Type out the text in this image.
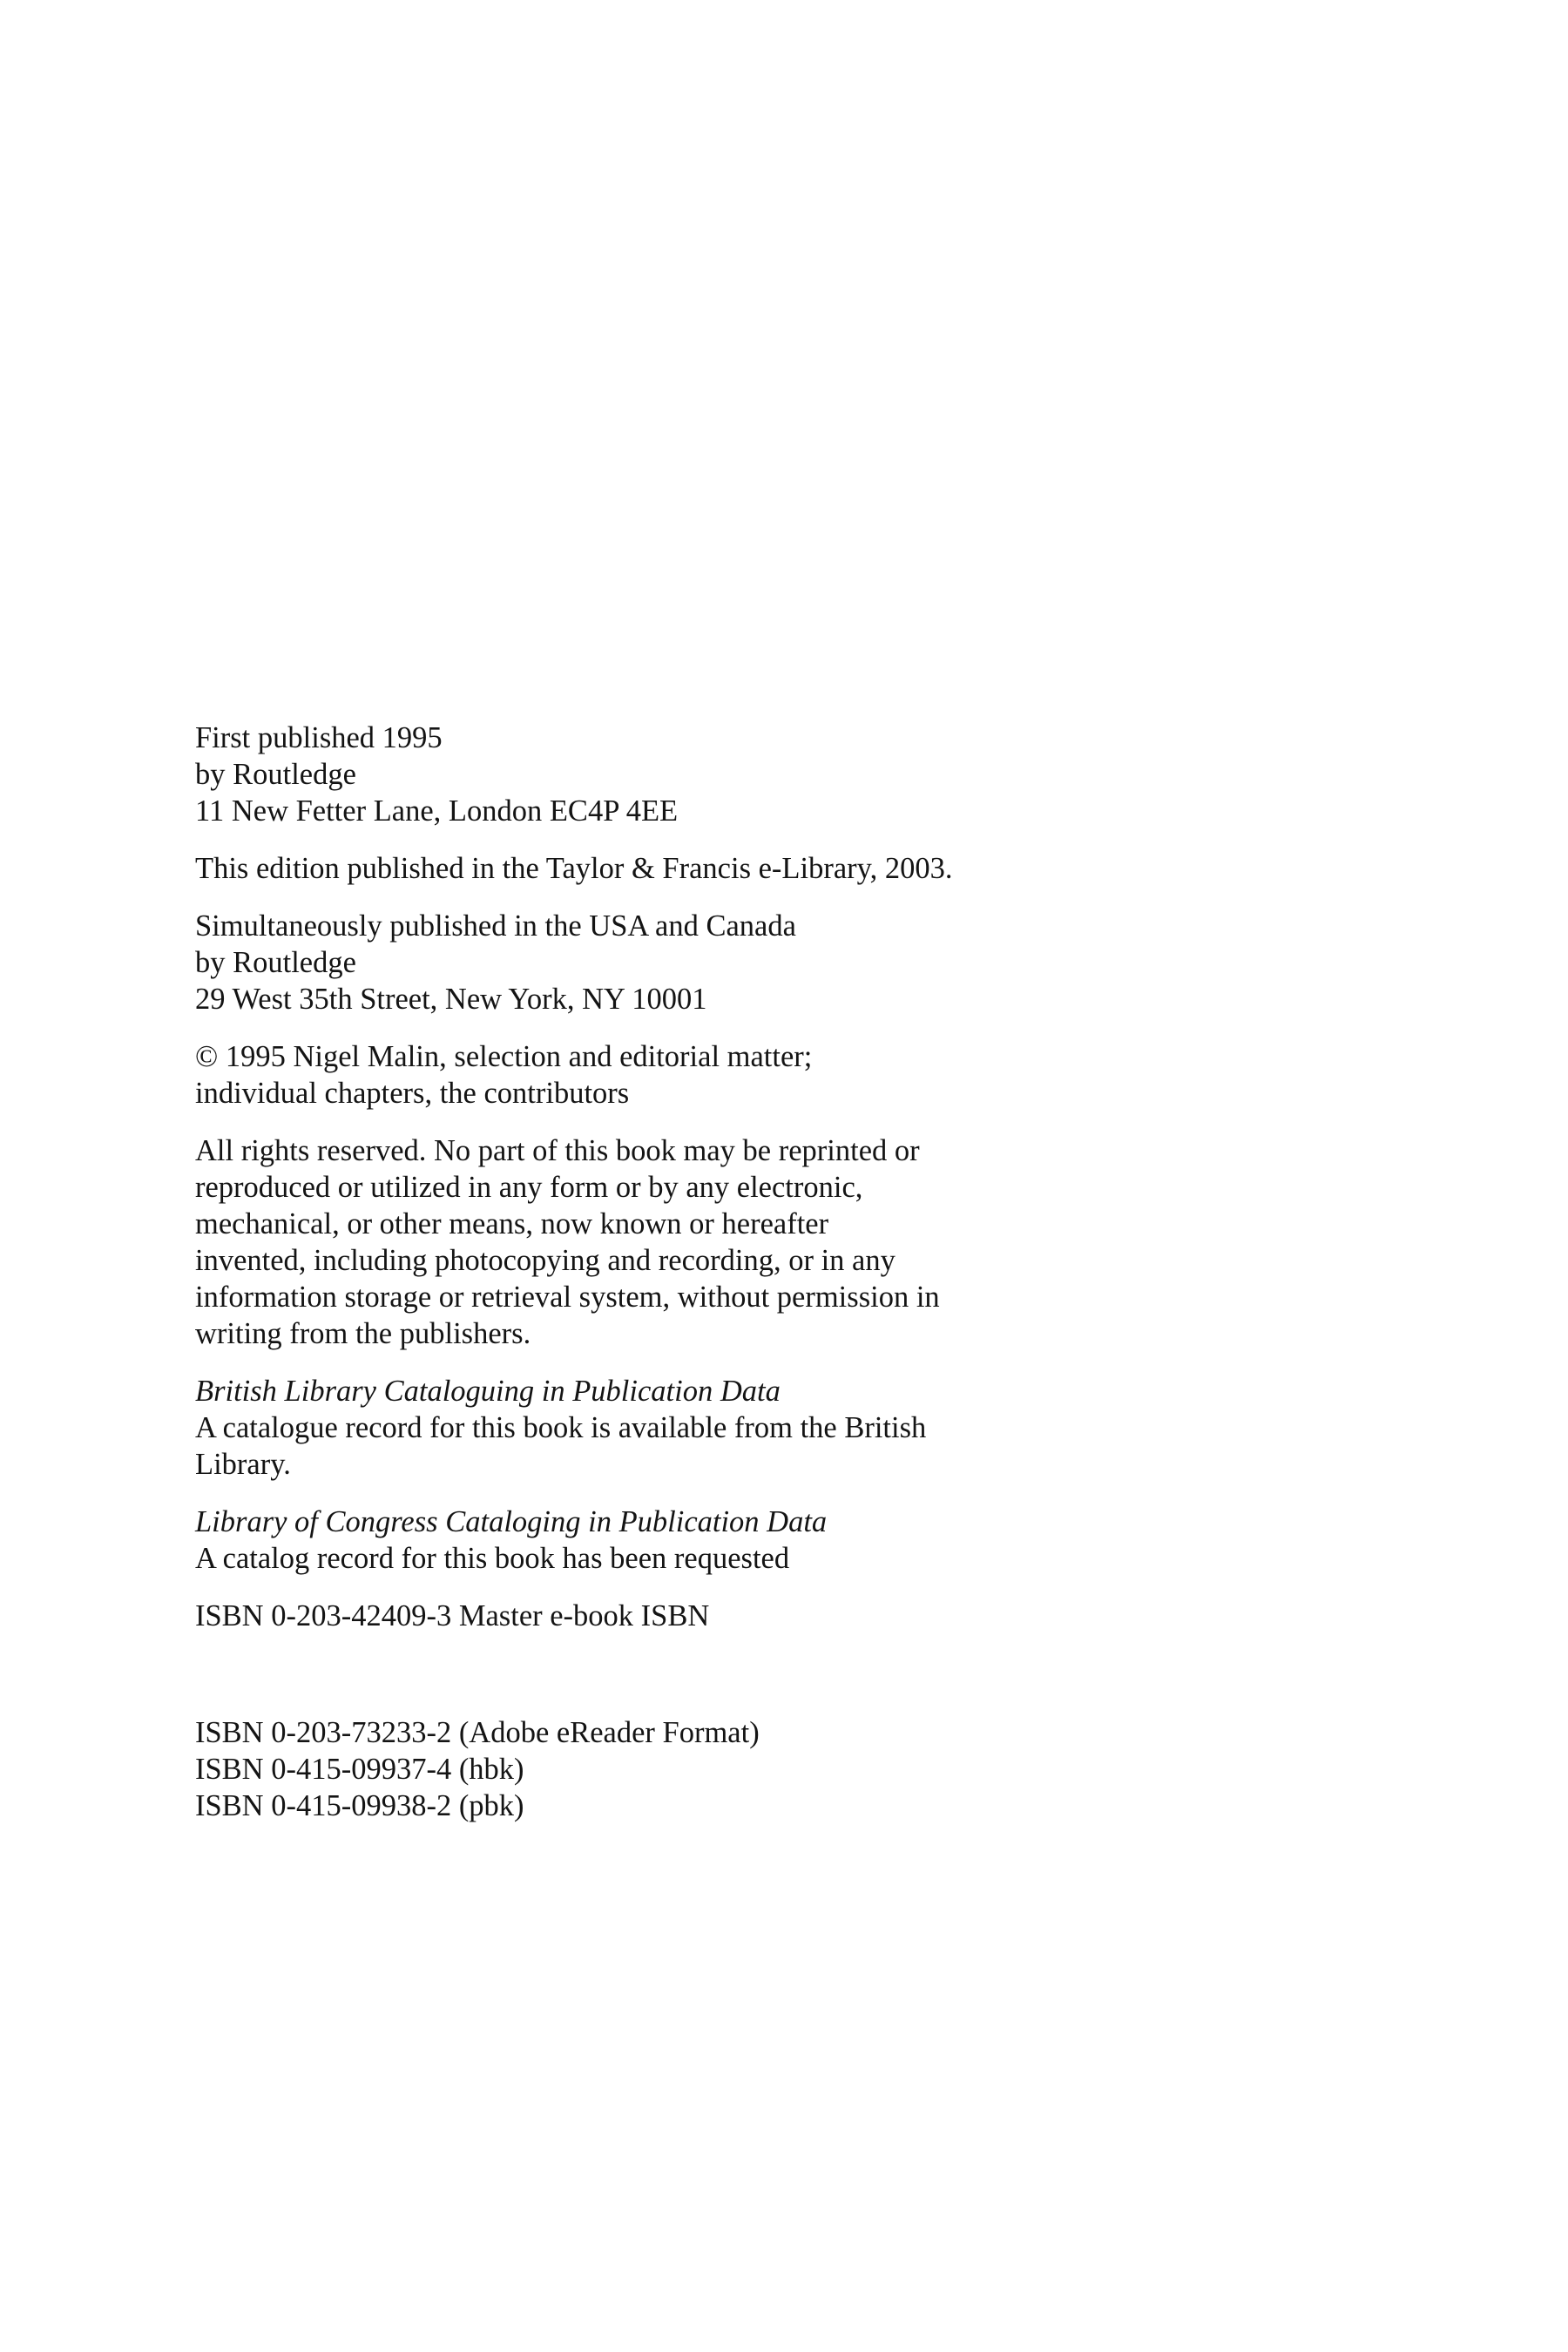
First published 1995
by Routledge
11 New Fetter Lane, London EC4P 4EE
This edition published in the Taylor & Francis e-Library, 2003.
Simultaneously published in the USA and Canada
by Routledge
29 West 35th Street, New York, NY 10001
© 1995 Nigel Malin, selection and editorial matter;
individual chapters, the contributors
All rights reserved. No part of this book may be reprinted or
reproduced or utilized in any form or by any electronic,
mechanical, or other means, now known or hereafter
invented, including photocopying and recording, or in any
information storage or retrieval system, without permission in
writing from the publishers.
British Library Cataloguing in Publication Data
A catalogue record for this book is available from the British
Library.
Library of Congress Cataloging in Publication Data
A catalog record for this book has been requested
ISBN 0-203-42409-3 Master e-book ISBN
ISBN 0-203-73233-2 (Adobe eReader Format)
ISBN 0-415-09937-4 (hbk)
ISBN 0-415-09938-2 (pbk)
